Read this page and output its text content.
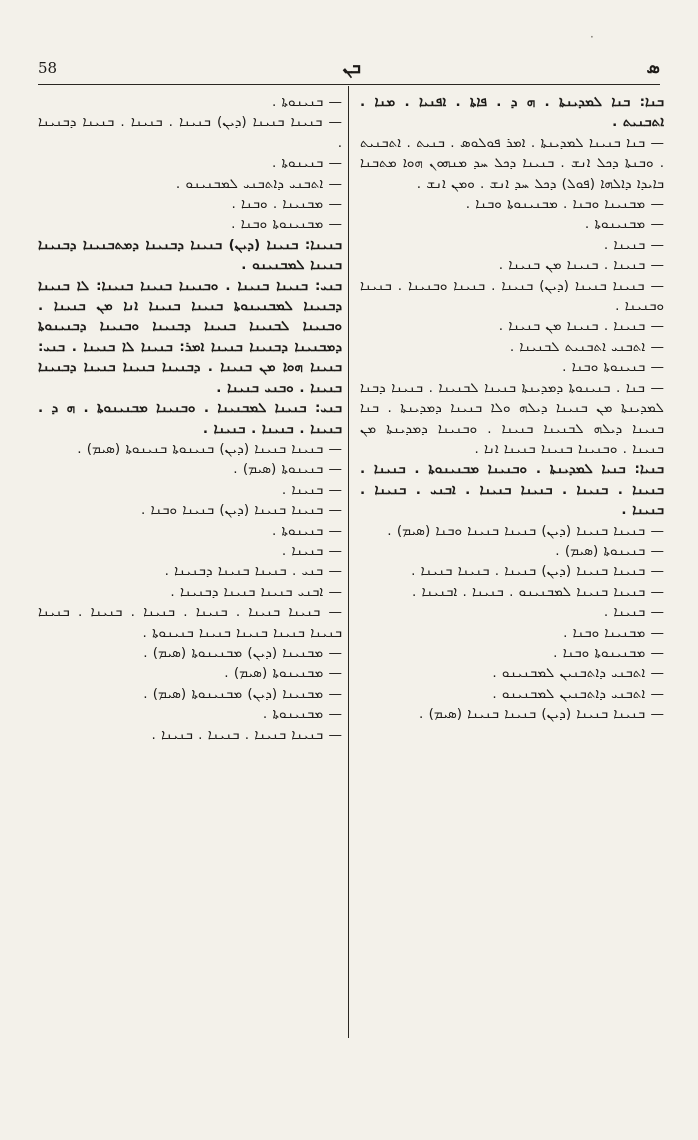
·
58	ܒܢ	ܣ

ܒܢܐ: ܒܢܐ ܠܡܕܝܢܬܐ . ܗ ܕ . ܦܐܬܐ . ܐܦܢܝܐ . ܡܢܐ . ܐܬܒܢܝܬ .

— ܒܢܐ ܒܢܝܢܐ ܠܡܕܝܢܬܐ . ܐܡܪ ܦܘܠܘܣ . ܒܢܝܬ . ܐܬܒܢܝܬ . ܘܒܢܬܐ ܕܟܠ ܐܢܫ . ܒܢܝܢܐ ܕܟܠ ܚܕ ܡܢܗܘܢ ܗܘܐ ܡܬܒܢܐ ܒܐܝܕܐ ܕܐܠܗܐ (ܦܘܠ) ܕܟܠ ܚܕ ܐܢܫ . ܘܡܢ ܐܢܫ .

— ܡܒܢܝܢܐ ܘܒܢܐ . ܡܒܢܝܢܘܬܐ ܘܒܢܐ .

— ܡܒܢܝܢܘܬܐ .

— ܒܢܝܢܐ .

— ܒܢܝܢܐ . ܒܢܝܢܐ ܡܢ ܒܢܝܢܐ .

— ܒܢܝܢܐ ܒܢܝܢܐ (ܕܝܢ) ܒܢܝܢܐ . ܒܢܝܢܐ ܘܒܢܝܢܐ . ܒܢܝܢܐ ܘܒܢܝܢܐ .

— ܒܢܝܢܐ . ܒܢܝܢܐ ܡܢ ܒܢܝܢܐ .

— ܐܬܒܢܝ ܐܬܒܢܝܬ ܠܒܢܝܢܐ .

— ܒܢܝܢܘܬܐ ܘܒܢܐ .

— ܒܢܐ . ܒܢܝܢܘܬܐ ܕܡܕܝܢܬܐ ܒܢܝܢܐ ܠܒܢܝܢܐ . ܒܢܝܢܐ ܕܒܢܐ ܠܡܕܝܢܬܐ ܡܢ ܒܢܝܢܐ ܕܝܠܗ ܘܠܐ ܒܢܝܢܐ ܕܡܕܝܢܬܐ . ܒܢܐ ܒܢܝܢܐ ܕܝܠܗ ܠܒܢܝܢܐ ܒܢܝܢܐ . ܘܒܢܝܢܐ ܕܡܕܝܢܬܐ ܡܢ ܒܢܝܢܐ . ܘܒܢܝܢܐ ܒܢܝܢܐ ܒܢܝܢܐ ܐܢܐ .

ܒܢܝܐ: ܒܢܝܐ ܠܡܕܝܢܬܐ . ܘܒܢܝܢܐ ܡܒܢܝܢܘܬܐ . ܒܢܝܢܐ . ܒܢܝܢܐ . ܒܢܝܢܐ . ܒܢܝܢܐ ܒܢܝܢܐ . ܐܒܢܝ . ܒܢܝܢܐ . ܒܢܝܢܐ .

— ܒܢܝܢܐ ܒܢܝܢܐ (ܕܝܢ) ܒܢܝܢܐ ܒܢܝܢܐ ܘܒܢܐ (ܣܝܡ) .

— ܒܢܝܢܘܬܐ (ܣܝܡ) .

— ܒܢܝܢܐ ܒܢܝܢܐ (ܕܝܢ) ܒܢܝܢܐ . ܒܢܝܢܐ ܒܢܝܢܐ .

— ܒܢܝܢܐ ܒܢܝܢܐ ܠܡܒܢܝܢܘ . ܒܢܝܢܐ . ܐܒܢܝܢܐ .

— ܒܢܝܢܐ .

— ܡܒܢܝܢܐ ܘܒܢܐ .

— ܡܒܢܝܢܘܬܐ ܘܒܢܐ .

— ܐܬܒܢܝ ܕܐܬܒܢܝܢ ܠܡܒܢܝܢܘ .

— ܐܬܒܢܝ ܕܐܬܒܢܝܢ ܠܡܒܢܝܢܘ .

— ܒܢܝܢܐ ܒܢܝܢܐ (ܕܝܢ) ܒܢܝܢܐ ܒܢܝܢܐ (ܣܝܡ) .

— ܒܢܝܢܘܬܐ .

— ܒܢܝܢܐ ܒܢܝܢܐ (ܕܝܢ) ܒܢܝܢܐ . ܒܢܝܢܐ . ܒܢܝܢܐ ܕܒܢܝܢܐ .

— ܒܢܝܢܘܬܐ .

— ܐܬܒܢܝ ܕܐܬܒܢܝ ܠܡܒܢܝܢܘ .

— ܡܒܢܝܢܐ . ܘܒܢܐ .

— ܡܒܢܝܢܘܬܐ ܘܒܢܐ .

ܒܢܝܢܐ: ܒܢܝܢܐ (ܕܝܢ) ܒܢܝܢܐ ܕܒܢܝܢܐ ܕܡܬܒܢܝܢܐ ܕܒܢܝܢܐ ܒܢܝܢܐ ܠܡܒܢܝܢܘ .

ܒܢܝ: ܒܢܝܢܐ ܒܢܝܢܐ . ܘܒܢܝܢܐ ܒܢܝܢܐ ܒܢܝܢܐ: ܠܐ ܒܢܝܢܐ ܕܒܢܝܢܐ ܠܡܒܢܝܢܘܬܐ ܒܢܝܢܐ ܒܢܝܢܐ ܐܢܐ ܡܢ ܒܢܝܢܐ . ܘܒܢܝܢܐ ܠܒܢܝܢܐ ܒܢܝܢܐ ܕܒܢܝܢܐ ܘܒܢܝܢܐ ܕܒܢܝܢܘܬܐ ܕܡܒܢܝܢܐ ܕܒܢܝܢܐ ܒܢܝܢܐ ܐܡܪ: ܒܢܝܢܐ ܠܐ ܒܢܝܢܐ . ܒܢܝ: ܒܢܝܢܐ ܗܘܐ ܡܢ ܒܢܝܢܐ . ܕܒܢܝܢܐ ܒܢܝܢܐ ܒܢܝܢܐ ܕܒܢܝܢܐ ܒܢܝܢܐ . ܘܒܢܝ ܒܢܝܢܐ .

ܒܢܝ: ܒܢܝܢܐ ܠܡܒܢܝܢܐ . ܘܒܢܝܢܐ ܡܒܢܝܢܘܬܐ . ܗ ܕ . ܒܢܝܢܐ . ܒܢܝܢܐ . ܒܢܝܢܐ .

— ܒܢܝܢܐ ܒܢܝܢܐ (ܕܝܢ) ܒܢܝܢܘܬܐ ܒܢܝܢܘܬܐ (ܣܝܡ) .

— ܒܢܝܢܘܬܐ (ܣܝܡ) .

— ܒܢܝܢܐ .

— ܒܢܝܢܐ ܒܢܝܢܐ (ܕܝܢ) ܒܢܝܢܐ ܘܒܢܐ .

— ܒܢܝܢܘܬܐ .

— ܒܢܝܢܐ .

— ܒܢܝ . ܒܢܝܢܐ ܒܢܝܢܐ ܕܒܢܝܢܐ .

— ܐܒܢܝ ܒܢܝܢܐ ܒܢܝܢܐ ܕܒܢܝܢܐ .

— ܒܢܝܢܐ ܒܢܝܢܐ . ܒܢܝܢܐ . ܒܢܝܢܐ . ܒܢܝܢܐ . ܒܢܝܢܐ ܒܢܝܢܐ ܒܢܝܢܐ ܒܢܝܢܐ ܒܢܝܢܐ ܒܢܝܢܘܬܐ .

— ܡܒܢܝܢܐ (ܕܝܢ) ܡܒܢܝܢܘܬܐ (ܣܝܡ) .

— ܡܒܢܝܢܘܬܐ (ܣܝܡ) .

— ܡܒܢܝܢܐ (ܕܝܢ) ܡܒܢܝܢܘܬܐ (ܣܝܡ) .

— ܡܒܢܝܢܘܬܐ .

— ܒܢܝܢܐ ܒܢܝܢܐ . ܒܢܝܢܐ . ܒܢܝܢܐ .
